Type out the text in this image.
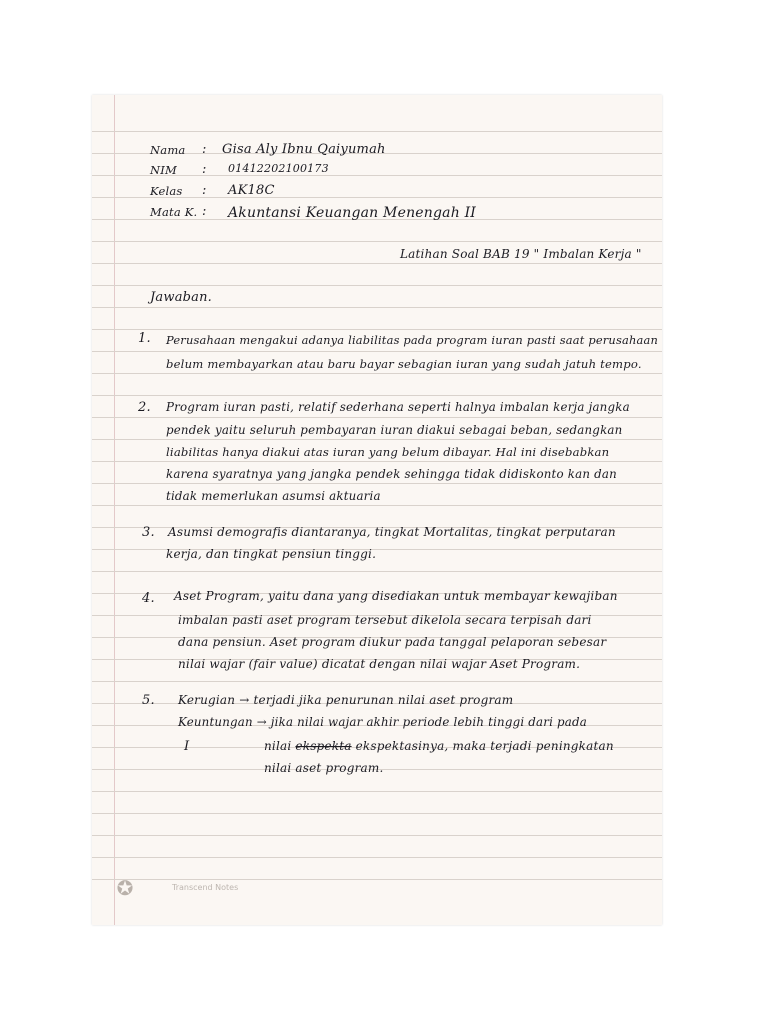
Nama : Gisa Aly Ibnu Qaiyumah
NIM : 01412202100173
Kelas : AK18C
Mata K. : Akuntansi Keuangan Menengah II
Latihan Soal BAB 19 " Imbalan Kerja "
Jawaban.
1. Perusahaan mengakui adanya liabilitas pada program iuran pasti saat perusahaan
belum membayarkan atau baru bayar sebagian iuran yang sudah jatuh tempo.
2. Program iuran pasti, relatif sederhana seperti halnya imbalan kerja jangka
pendek yaitu seluruh pembayaran iuran diakui sebagai beban, sedangkan
liabilitas hanya diakui atas iuran yang belum dibayar. Hal ini disebabkan
karena syaratnya yang jangka pendek sehingga tidak didiskonto kan dan
tidak memerlukan asumsi aktuaria
3. Asumsi demografis diantaranya, tingkat Mortalitas, tingkat perputaran
kerja, dan tingkat pensiun tinggi.
4. Aset Program, yaitu dana yang disediakan untuk membayar kewajiban
imbalan pasti aset program tersebut dikelola secara terpisah dari
dana pensiun. Aset program diukur pada tanggal pelaporan sebesar
nilai wajar (fair value) dicatat dengan nilai wajar Aset Program.
5. Kerugian → terjadi jika penurunan nilai aset program
Keuntungan → jika nilai wajar akhir periode lebih tinggi dari pada
I	nilai ekspekta ekspektasinya, maka terjadi peningkatan
nilai aset program.
✪	Transcend Notes
